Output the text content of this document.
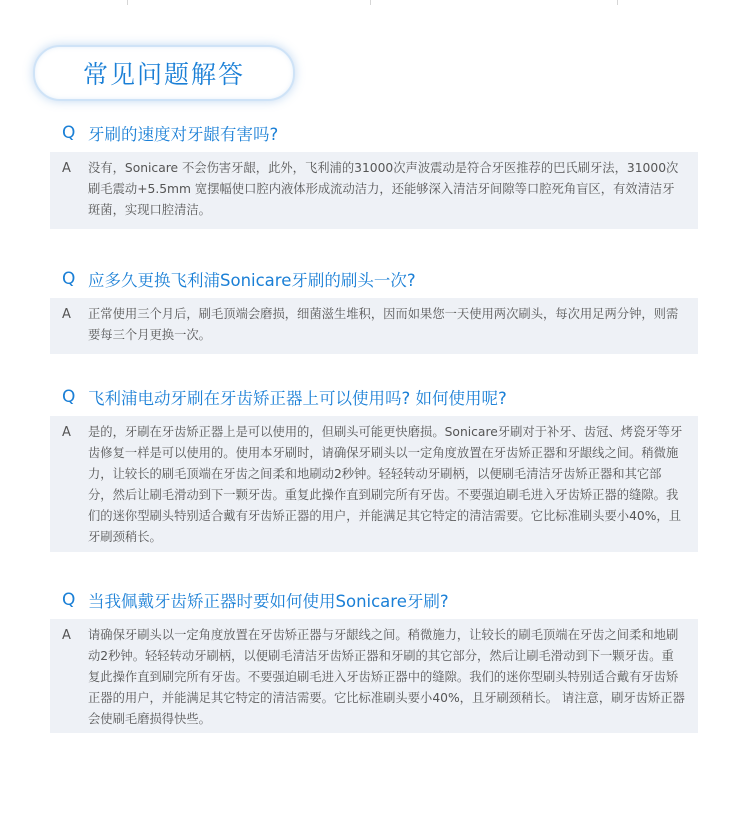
常见问题解答
Q 牙刷的速度对牙龈有害吗?
A	没有，Sonicare 不会伤害牙龈，此外，飞利浦的31000次声波震动是符合牙医推荐的巴氏刷牙法，31000次刷毛震动+5.5mm 宽摆幅使口腔内液体形成流动洁力，还能够深入清洁牙间隙等口腔死角盲区，有效清洁牙斑菌，实现口腔清洁。
Q 应多久更换飞利浦Sonicare牙刷的刷头一次?
A	正常使用三个月后，刷毛顶端会磨损，细菌滋生堆积，因而如果您一天使用两次刷头，每次用足两分钟，则需要每三个月更换一次。
Q 飞利浦电动牙刷在牙齿矫正器上可以使用吗? 如何使用呢?
A	是的，牙刷在牙齿矫正器上是可以使用的，但刷头可能更快磨损。Sonicare牙刷对于补牙、齿冠、烤瓷牙等牙齿修复一样是可以使用的。使用本牙刷时，请确保牙刷头以一定角度放置在牙齿矫正器和牙龈线之间。稍微施力，让较长的刷毛顶端在牙齿之间柔和地刷动2秒钟。轻轻转动牙刷柄，以便刷毛清洁牙齿矫正器和其它部分，然后让刷毛滑动到下一颗牙齿。重复此操作直到刷完所有牙齿。不要强迫刷毛进入牙齿矫正器的缝隙。我们的迷你型刷头特别适合戴有牙齿矫正器的用户，并能满足其它特定的清洁需要。它比标准刷头要小40%，且牙刷颈稍长。
Q 当我佩戴牙齿矫正器时要如何使用Sonicare牙刷?
A	请确保牙刷头以一定角度放置在牙齿矫正器与牙龈线之间。稍微施力，让较长的刷毛顶端在牙齿之间柔和地刷动2秒钟。轻轻转动牙刷柄，以便刷毛清洁牙齿矫正器和牙刷的其它部分，然后让刷毛滑动到下一颗牙齿。重复此操作直到刷完所有牙齿。不要强迫刷毛进入牙齿矫正器中的缝隙。我们的迷你型刷头特别适合戴有牙齿矫正器的用户，并能满足其它特定的清洁需要。它比标准刷头要小40%，且牙刷颈稍长。 请注意，刷牙齿矫正器会使刷毛磨损得快些。
